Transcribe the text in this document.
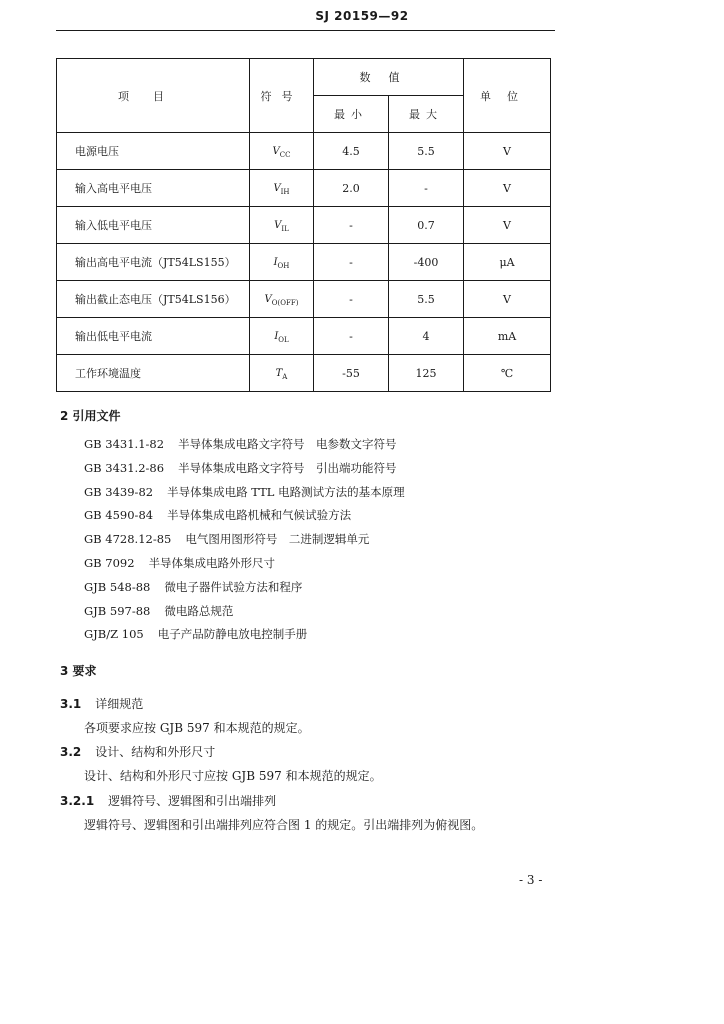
SJ 20159—92
项目	符号	数值		单位
		最小	最大	
电源电压	$V_{CC}$	4.5	5.5	V
输入高电平电压	$V_{IH}$	2.0	-	V
输入低电平电压	$V_{IL}$	-	0.7	V
输出高电平电流（JT54LS155）	$I_{OH}$	-	-400	μA
输出截止态电压（JT54LS156）	$V_{O(OFF)}$	-	5.5	V
输出低电平电流	$I_{OL}$	-	4	mA
工作环境温度	$T_A$	-55	125	℃
2 引用文件
GB 3431.1-82 半导体集成电路文字符号　电参数文字符号
GB 3431.2-86 半导体集成电路文字符号　引出端功能符号
GB 3439-82 半导体集成电路 TTL 电路测试方法的基本原理
GB 4590-84 半导体集成电路机械和气候试验方法
GB 4728.12-85 电气图用图形符号　二进制逻辑单元
GB 7092 半导体集成电路外形尺寸
GJB 548-88 微电子器件试验方法和程序
GJB 597-88 微电路总规范
GJB/Z 105 电子产品防静电放电控制手册
3 要求
3.1 详细规范
各项要求应按 GJB 597 和本规范的规定。
3.2 设计、结构和外形尺寸
设计、结构和外形尺寸应按 GJB 597 和本规范的规定。
3.2.1 逻辑符号、逻辑图和引出端排列
逻辑符号、逻辑图和引出端排列应符合图 1 的规定。引出端排列为俯视图。
- 3 -
